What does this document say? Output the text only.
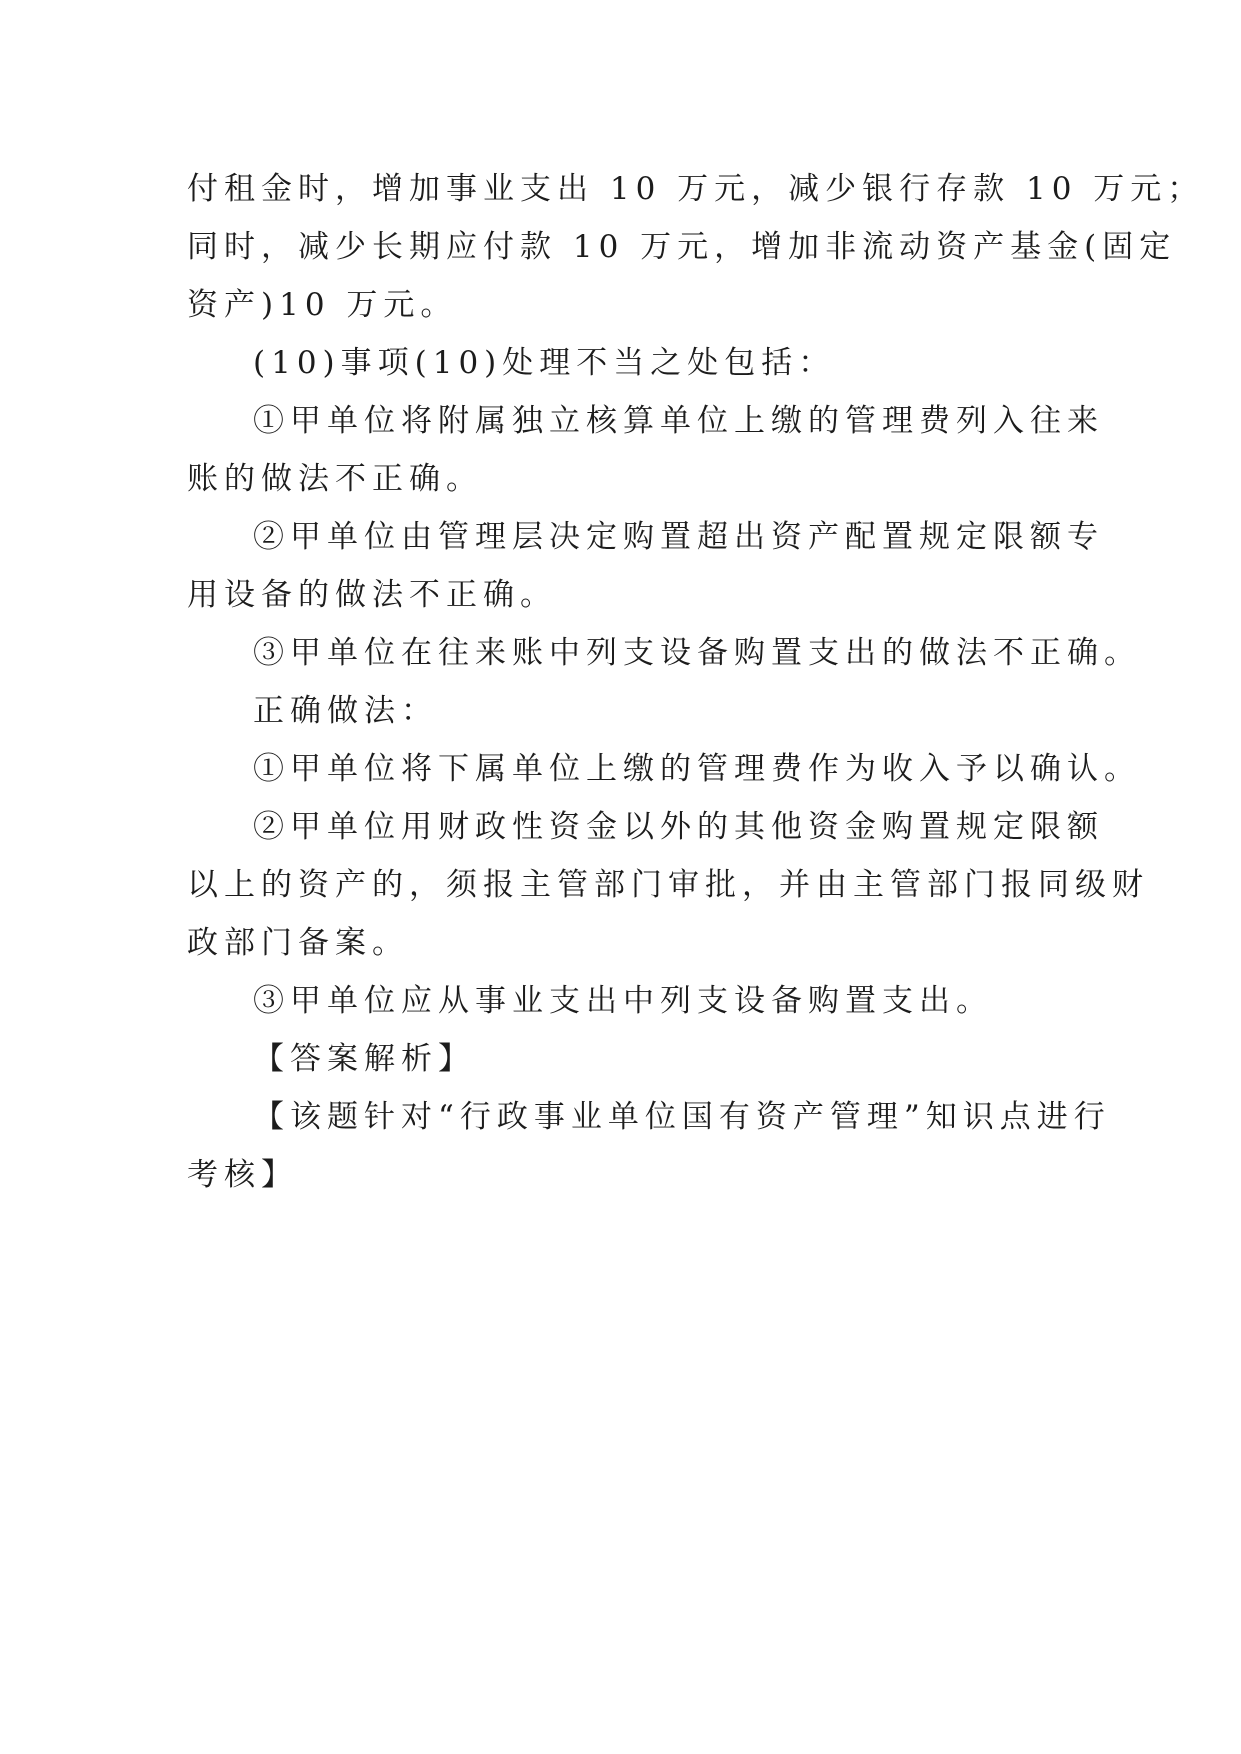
付租金时，增加事业支出 10 万元，减少银行存款 10 万元；

同时，减少长期应付款 10 万元，增加非流动资产基金(固定

资产)10 万元。

(10)事项(10)处理不当之处包括：

①甲单位将附属独立核算单位上缴的管理费列入往来

账的做法不正确。

②甲单位由管理层决定购置超出资产配置规定限额专

用设备的做法不正确。

③甲单位在往来账中列支设备购置支出的做法不正确。

正确做法：

①甲单位将下属单位上缴的管理费作为收入予以确认。

②甲单位用财政性资金以外的其他资金购置规定限额

以上的资产的，须报主管部门审批，并由主管部门报同级财

政部门备案。

③甲单位应从事业支出中列支设备购置支出。

【答案解析】

【该题针对“行政事业单位国有资产管理”知识点进行

考核】
